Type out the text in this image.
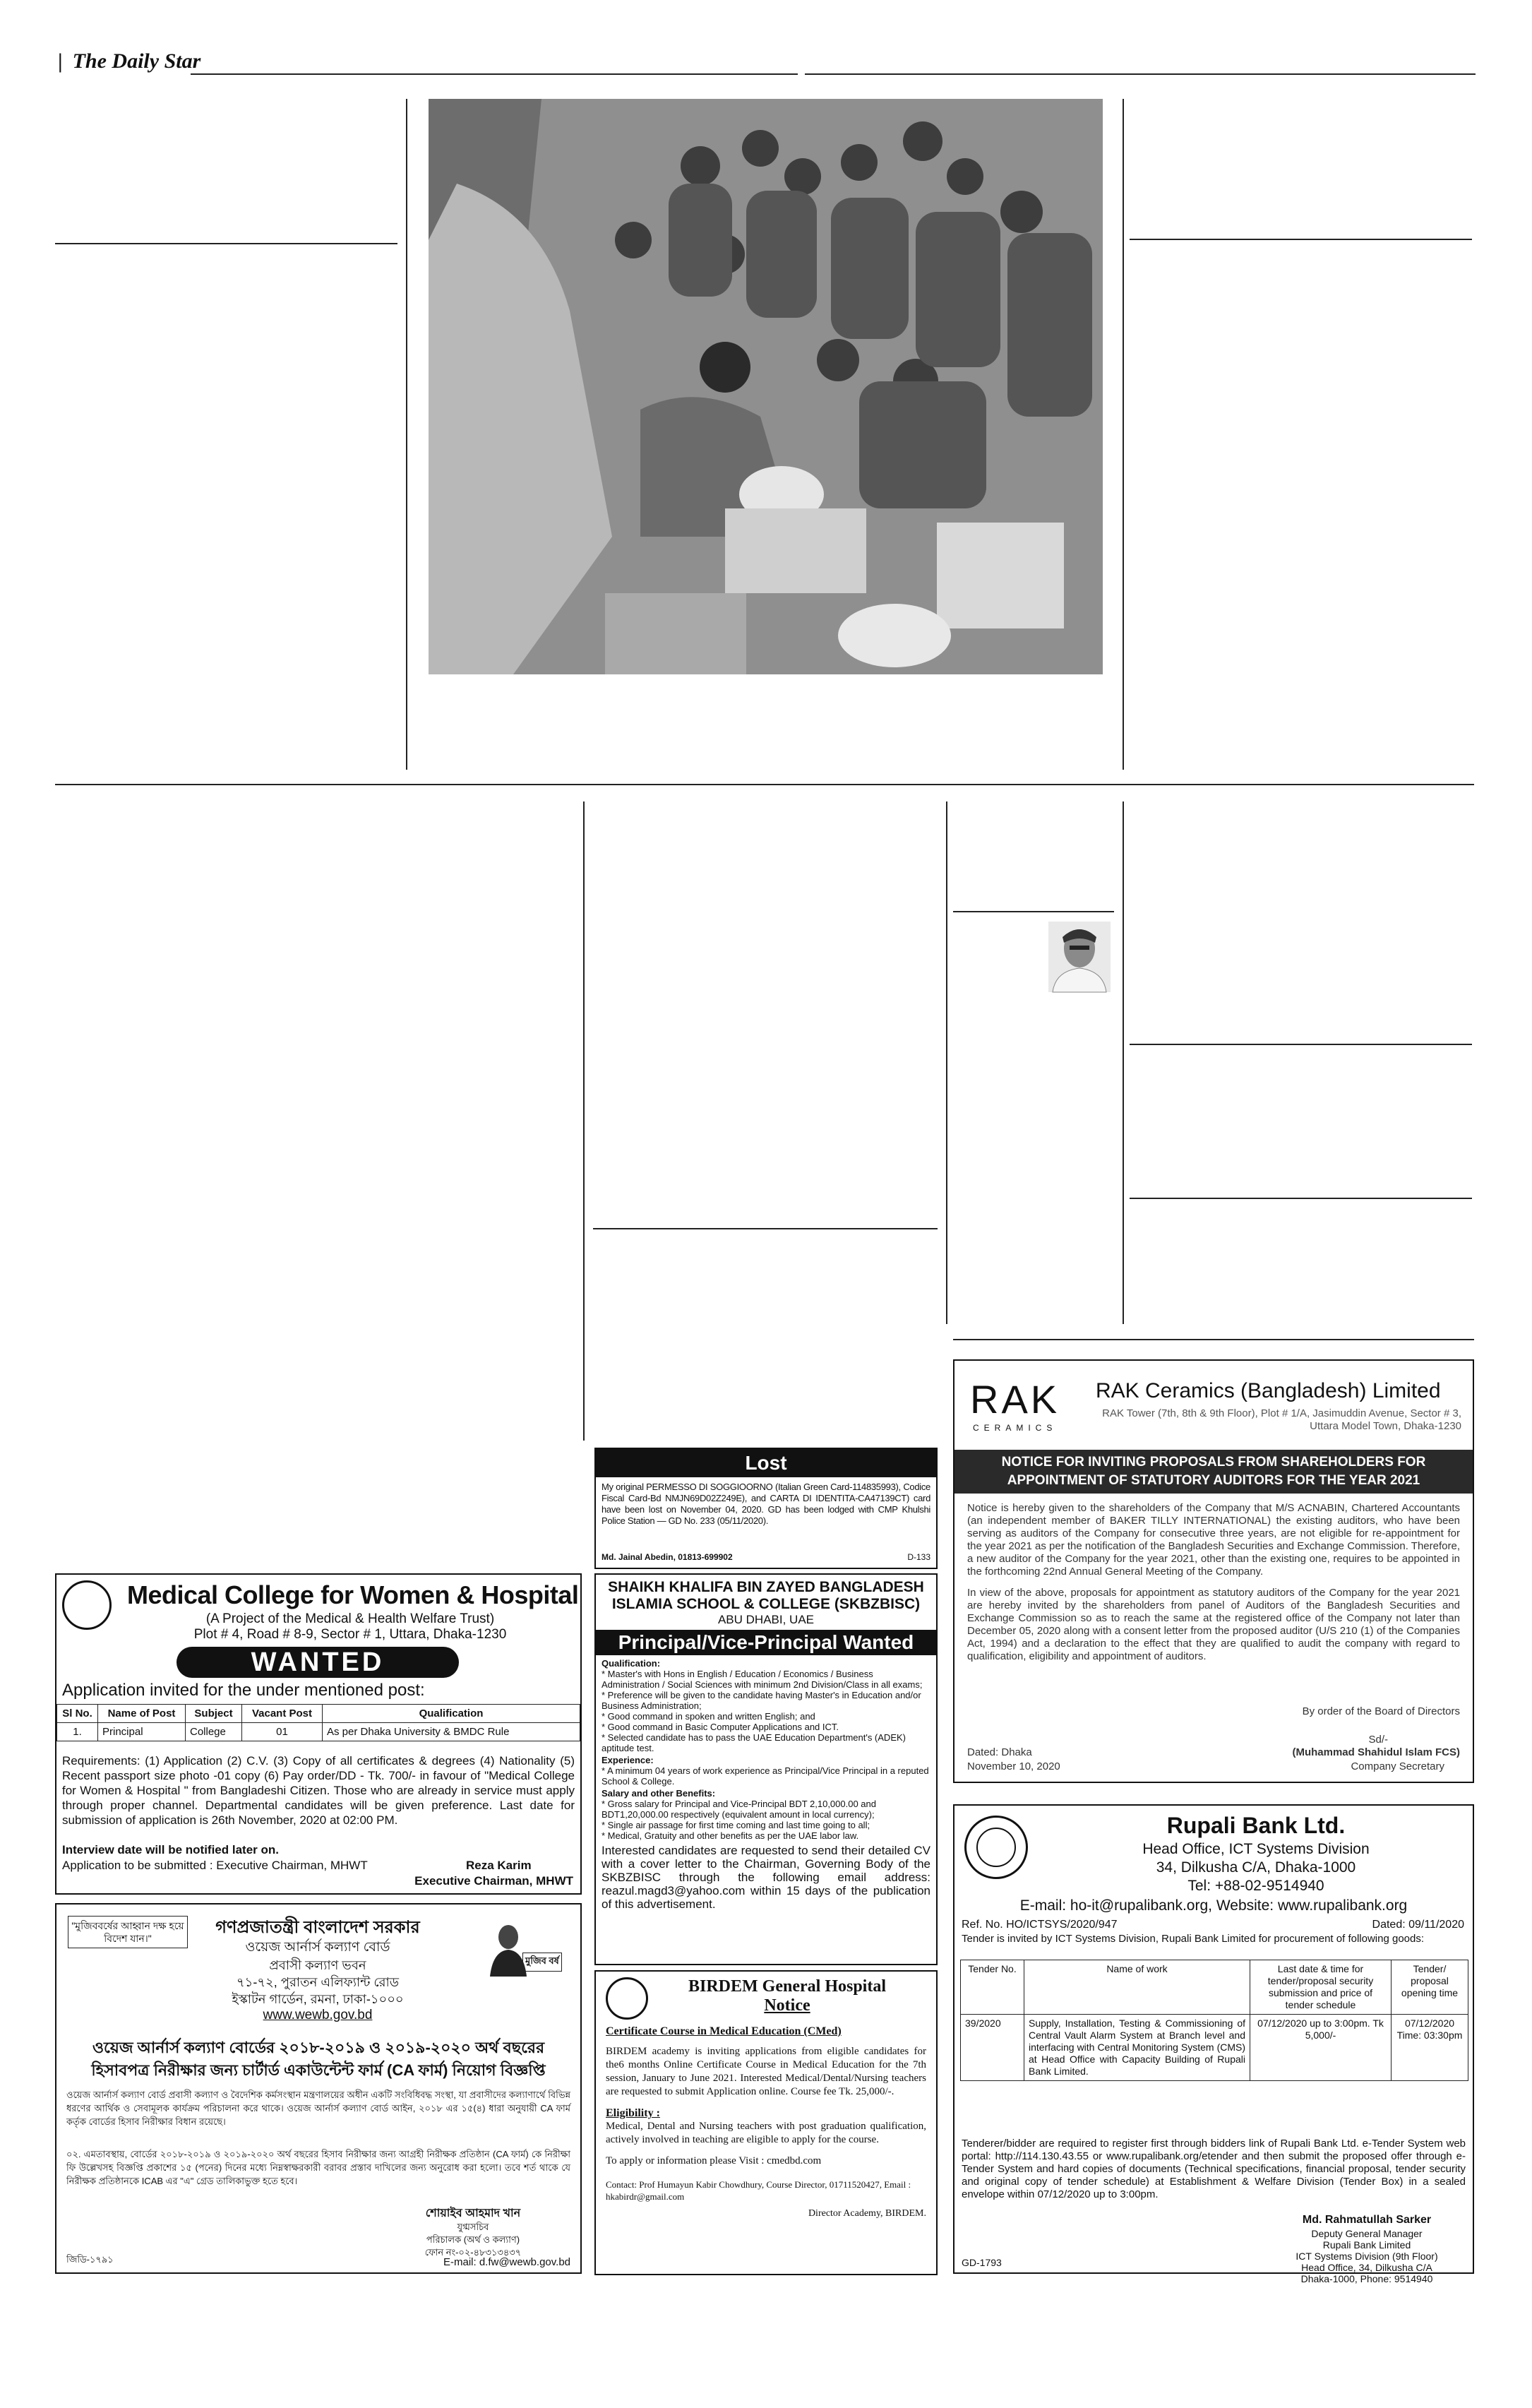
| The Daily Star
Lost
My original PERMESSO DI SOGGIOORNO (Italian Green Card-114835993), Codice Fiscal Card-Bd NMJN69D02Z249E), and CARTA DI IDENTITA-CA47139CT) card have been lost on November 04, 2020. GD has been lodged with CMP Khulshi Police Station — GD No. 233 (05/11/2020).
Md. Jainal Abedin, 01813-699902	D-133
SHAIKH KHALIFA BIN ZAYED BANGLADESH
ISLAMIA SCHOOL & COLLEGE (SKBZBISC)
ABU DHABI, UAE
Principal/Vice-Principal Wanted
Qualification:
* Master's with Hons in English / Education / Economics / Business Administration / Social Sciences with minimum 2nd Division/Class in all exams;
* Preference will be given to the candidate having Master's in Education and/or Business Administration;
* Good command in spoken and written English; and
* Good command in Basic Computer Applications and ICT.
* Selected candidate has to pass the UAE Education Department's (ADEK) aptitude test.
Experience:
* A minimum 04 years of work experience as Principal/Vice Principal in a reputed School & College.
Salary and other Benefits:
* Gross salary for Principal and Vice-Principal BDT 2,10,000.00 and BDT1,20,000.00 respectively (equivalent amount in local currency);
* Single air passage for first time coming and last time going to all;
* Medical, Gratuity and other benefits as per the UAE labor law.
Interested candidates are requested to send their detailed CV with a cover letter to the Chairman, Governing Body of the SKBZBISC through the following email address: reazul.magd3@yahoo.com within 15 days of the publication of this advertisement.
BIRDEM General Hospital
Notice
Certificate Course in Medical Education (CMed)
BIRDEM academy is inviting applications from eligible candidates for the6 months Online Certificate Course in Medical Education for the 7th session, January to June 2021. Interested Medical/Dental/Nursing teachers are requested to submit Application online. Course fee Tk. 25,000/-.
Eligibility :
Medical, Dental and Nursing teachers with post graduation qualification, actively involved in teaching are eligible to apply for the course.
To apply or information please Visit : cmedbd.com
Contact: Prof Humayun Kabir Chowdhury, Course Director, 01711520427, Email : hkabirdr@gmail.com
Director Academy, BIRDEM.
Medical College for Women & Hospital
(A Project of the Medical & Health Welfare Trust)
Plot # 4, Road # 8-9, Sector # 1, Uttara, Dhaka-1230
WANTED
Application invited for the under mentioned post:
Sl No.	Name of Post	Subject	Vacant Post	Qualification
1.	Principal	College	01	As per Dhaka University & BMDC Rule
Requirements: (1) Application (2) C.V. (3) Copy of all certificates & degrees (4) Nationality (5) Recent passport size photo -01 copy (6) Pay order/DD - Tk. 700/- in favour of "Medical College for Women & Hospital " from Bangladeshi Citizen. Those who are already in service must apply through proper channel. Departmental candidates will be given preference. Last date for submission of application is 26th November, 2020 at 02:00 PM.
Interview date will be notified later on.
Application to be submitted : Executive Chairman, MHWT	Reza Karim
Executive Chairman, MHWT
"মুজিববর্ষের আহ্বান দক্ষ হয়ে বিদেশ যান।"
গণপ্রজাতন্ত্রী বাংলাদেশ সরকার
ওয়েজ আর্নার্স কল্যাণ বোর্ড
প্রবাসী কল্যাণ ভবন
৭১-৭২, পুরাতন এলিফ্যান্ট রোড
ইস্কাটন গার্ডেন, রমনা, ঢাকা-১০০০
www.wewb.gov.bd
মুজিব বর্ষ
ওয়েজ আর্নার্স কল্যাণ বোর্ডের ২০১৮-২০১৯ ও ২০১৯-২০২০ অর্থ বছরের
হিসাবপত্র নিরীক্ষার জন্য চার্টার্ড একাউন্টেন্ট ফার্ম (CA ফার্ম) নিয়োগ বিজ্ঞপ্তি
ওয়েজ আর্নার্স কল্যাণ বোর্ড প্রবাসী কল্যাণ ও বৈদেশিক কর্মসংস্থান মন্ত্রণালয়ের অধীন একটি সংবিধিবদ্ধ সংস্থা, যা প্রবাসীদের কল্যাণার্থে বিভিন্ন ধরণের আর্থিক ও সেবামূলক কার্যক্রম পরিচালনা করে থাকে। ওয়েজ আর্নার্স কল্যাণ বোর্ড আইন, ২০১৮ এর ১৫(৪) ধারা অনুযায়ী CA ফার্ম কর্তৃক বোর্ডের হিসাব নিরীক্ষার বিধান রয়েছে।
০২. এমতাবস্থায়, বোর্ডের ২০১৮-২০১৯ ও ২০১৯-২০২০ অর্থ বছরের হিসাব নিরীক্ষার জন্য আগ্রহী নিরীক্ষক প্রতিষ্ঠান (CA ফার্ম) কে নিরীক্ষা ফি উল্লেখসহ বিজ্ঞপ্তি প্রকাশের ১৫ (পনের) দিনের মধ্যে নিম্নস্বাক্ষরকারী বরাবর প্রস্তাব দাখিলের জন্য অনুরোধ করা হলো। তবে শর্ত থাকে যে নিরীক্ষক প্রতিষ্ঠানকে ICAB এর "এ" গ্রেড তালিকাভুক্ত হতে হবে।
শোয়াইব আহমাদ খান
যুগ্মসচিব
পরিচালক (অর্থ ও কল্যাণ)
ফোন নং-০২-৪৮৩১৩৪৩৭
জিডি-১৭৯১	E-mail: d.fw@wewb.gov.bd
RAK
CERAMICS
RAK Ceramics (Bangladesh) Limited
RAK Tower (7th, 8th & 9th Floor), Plot # 1/A, Jasimuddin Avenue, Sector # 3, Uttara Model Town, Dhaka-1230
NOTICE FOR INVITING PROPOSALS FROM SHAREHOLDERS FOR APPOINTMENT OF STATUTORY AUDITORS FOR THE YEAR 2021
Notice is hereby given to the shareholders of the Company that M/S ACNABIN, Chartered Accountants (an independent member of BAKER TILLY INTERNATIONAL) the existing auditors, who have been serving as auditors of the Company for consecutive three years, are not eligible for re-appointment for the year 2021 as per the notification of the Bangladesh Securities and Exchange Commission. Therefore, a new auditor of the Company for the year 2021, other than the existing one, requires to be appointed in the forthcoming 22nd Annual General Meeting of the Company.
In view of the above, proposals for appointment as statutory auditors of the Company for the year 2021 are hereby invited by the shareholders from panel of Auditors of the Bangladesh Securities and Exchange Commission so as to reach the same at the registered office of the Company not later than December 05, 2020 along with a consent letter from the proposed auditor (U/S 210 (1) of the Companies Act, 1994) and a declaration to the effect that they are qualified to audit the company with regard to qualification, eligibility and appointment of auditors.
By order of the Board of Directors
Sd/-
(Muhammad Shahidul Islam FCS)
Company Secretary
Dated: Dhaka
November 10, 2020
Rupali Bank Ltd.
Head Office, ICT Systems Division
34, Dilkusha C/A, Dhaka-1000
Tel: +88-02-9514940
E-mail: ho-it@rupalibank.org, Website: www.rupalibank.org
Ref. No. HO/ICTSYS/2020/947	Dated: 09/11/2020
Tender is invited by ICT Systems Division, Rupali Bank Limited for procurement of following goods:
Tender No.	Name of work	Last date & time for tender/proposal security submission and price of tender schedule	Tender/ proposal opening time
39/2020	Supply, Installation, Testing & Commissioning of Central Vault Alarm System at Branch level and interfacing with Central Monitoring System (CMS) at Head Office with Capacity Building of Rupali Bank Limited.	07/12/2020 up to 3:00pm. Tk 5,000/-	07/12/2020 Time: 03:30pm
Tenderer/bidder are required to register first through bidders link of Rupali Bank Ltd. e-Tender System web portal: http://114.130.43.55 or www.rupalibank.org/etender and then submit the proposed offer through e-Tender System and hard copies of documents (Technical specifications, financial proposal, tender security and original copy of tender schedule) at Establishment & Welfare Division (Tender Box) in a sealed envelope within 07/12/2020 up to 3:00pm.
Md. Rahmatullah Sarker
Deputy General Manager
Rupali Bank Limited
ICT Systems Division (9th Floor)
Head Office, 34, Dilkusha C/A
Dhaka-1000, Phone: 9514940
GD-1793
